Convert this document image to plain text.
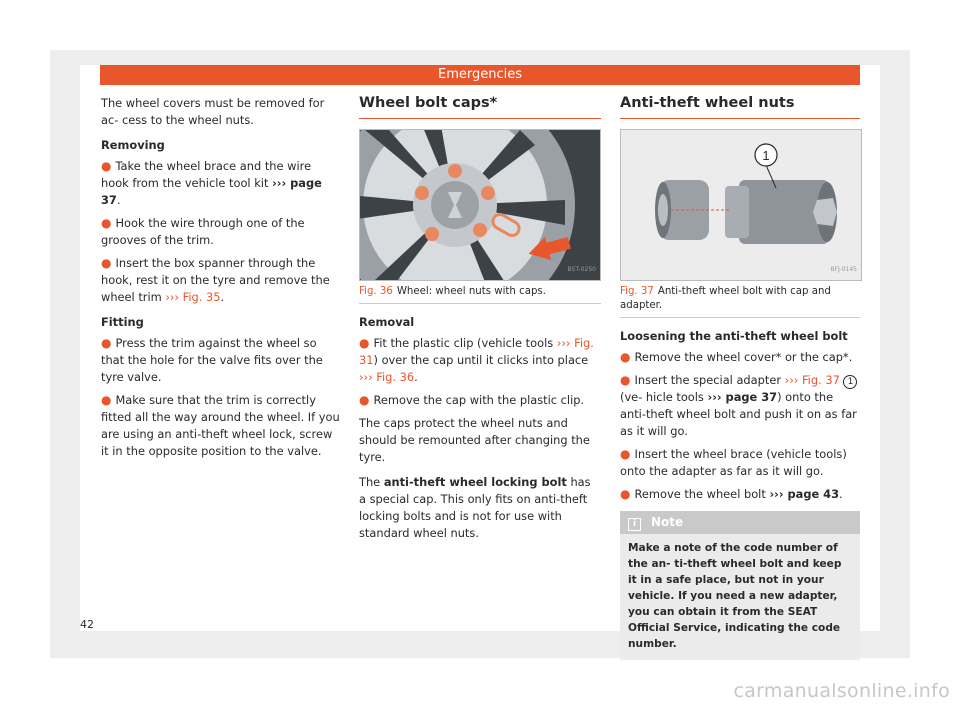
Emergencies

The wheel covers must be removed for ac- cess to the wheel nuts.

Removing

● Take the wheel brace and the wire hook from the vehicle tool kit ››› page 37.

● Hook the wire through one of the grooves of the trim.

● Insert the box spanner through the hook, rest it on the tyre and remove the wheel trim ››› Fig. 35.

Fitting

● Press the trim against the wheel so that the hole for the valve fits over the tyre valve.

● Make sure that the trim is correctly fitted all the way around the wheel. If you are using an anti-theft wheel lock, screw it in the opposite position to the valve.

Wheel bolt caps*
B5T-0250
Fig. 36 Wheel: wheel nuts with caps.
Removal

● Fit the plastic clip (vehicle tools ››› Fig. 31) over the cap until it clicks into place ››› Fig. 36.

● Remove the cap with the plastic clip.

The caps protect the wheel nuts and should be remounted after changing the tyre.

The anti-theft wheel locking bolt has a special cap. This only fits on anti-theft locking bolts and is not for use with standard wheel nuts.

Anti-theft wheel nuts
1
BFJ-0145
Fig. 37 Anti-theft wheel bolt with cap and adapter.
Loosening the anti-theft wheel bolt

● Remove the wheel cover* or the cap*.

● Insert the special adapter ››› Fig. 37 1 (ve- hicle tools ››› page 37) onto the anti-theft wheel bolt and push it on as far as it will go.

● Insert the wheel brace (vehicle tools) onto the adapter as far as it will go.

● Remove the wheel bolt ››› page 43.

i Note
Make a note of the code number of the an- ti-theft wheel bolt and keep it in a safe place, but not in your vehicle. If you need a new adapter, you can obtain it from the SEAT Official Service, indicating the code number.
42
carmanualsonline.info
